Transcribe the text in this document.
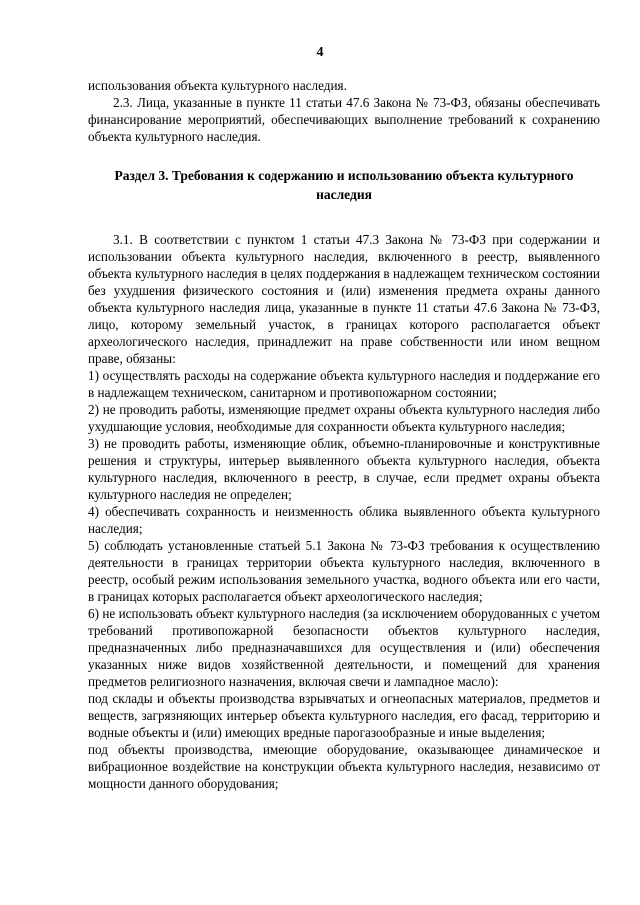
4

использования объекта культурного наследия.

2.3. Лица, указанные в пункте 11 статьи 47.6 Закона № 73-ФЗ, обязаны обеспечивать финансирование мероприятий, обеспечивающих выполнение требований к сохранению объекта культурного наследия.

Раздел 3. Требования к содержанию и использованию объекта культурного наследия

3.1. В соответствии с пунктом 1 статьи 47.3 Закона № 73-ФЗ при содержании и использовании объекта культурного наследия, включенного в реестр, выявленного объекта культурного наследия в целях поддержания в надлежащем техническом состоянии без ухудшения физического состояния и (или) изменения предмета охраны данного объекта культурного наследия лица, указанные в пункте 11 статьи 47.6 Закона № 73-ФЗ, лицо, которому земельный участок, в границах которого располагается объект археологического наследия, принадлежит на праве собственности или ином вещном праве, обязаны:

1) осуществлять расходы на содержание объекта культурного наследия и поддержание его в надлежащем техническом, санитарном и противопожарном состоянии;

2) не проводить работы, изменяющие предмет охраны объекта культурного наследия либо ухудшающие условия, необходимые для сохранности объекта культурного наследия;

3) не проводить работы, изменяющие облик, объемно-планировочные и конструктивные решения и структуры, интерьер выявленного объекта культурного наследия, объекта культурного наследия, включенного в реестр, в случае, если предмет охраны объекта культурного наследия не определен;

4) обеспечивать сохранность и неизменность облика выявленного объекта культурного наследия;

5) соблюдать установленные статьей 5.1 Закона № 73-ФЗ требования к осуществлению деятельности в границах территории объекта культурного наследия, включенного в реестр, особый режим использования земельного участка, водного объекта или его части, в границах которых располагается объект археологического наследия;

6) не использовать объект культурного наследия (за исключением оборудованных с учетом требований противопожарной безопасности объектов культурного наследия, предназначенных либо предназначавшихся для осуществления и (или) обеспечения указанных ниже видов хозяйственной деятельности, и помещений для хранения предметов религиозного назначения, включая свечи и лампадное масло):

под склады и объекты производства взрывчатых и огнеопасных материалов, предметов и веществ, загрязняющих интерьер объекта культурного наследия, его фасад, территорию и водные объекты и (или) имеющих вредные парогазообразные и иные выделения;

под объекты производства, имеющие оборудование, оказывающее динамическое и вибрационное воздействие на конструкции объекта культурного наследия, независимо от мощности данного оборудования;
